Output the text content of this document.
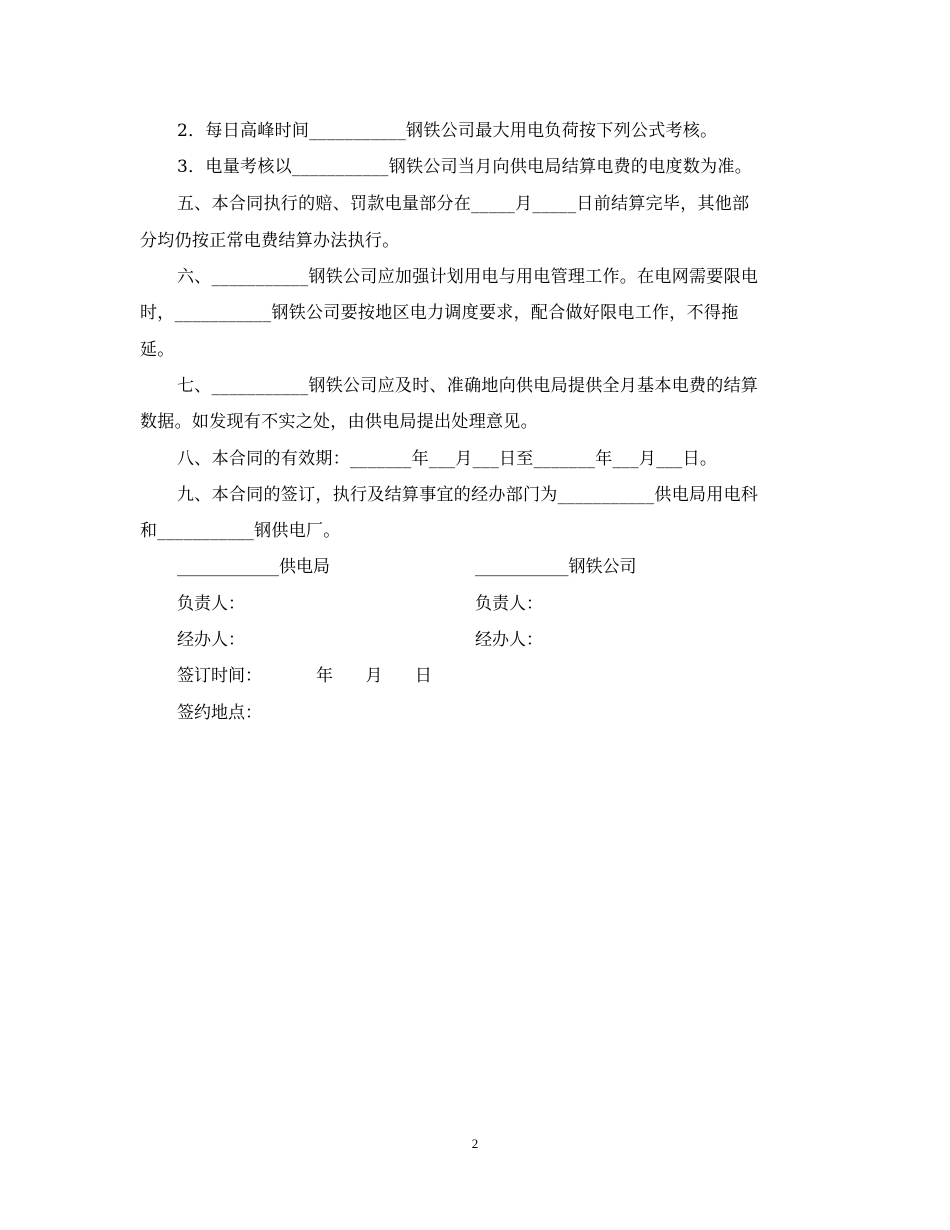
2．每日高峰时间___________钢铁公司最大用电负荷按下列公式考核。
3．电量考核以___________钢铁公司当月向供电局结算电费的电度数为准。
五、本合同执行的赔、罚款电量部分在_____月_____日前结算完毕，其他部
分均仍按正常电费结算办法执行。
六、___________钢铁公司应加强计划用电与用电管理工作。在电网需要限电
时，___________钢铁公司要按地区电力调度要求，配合做好限电工作，不得拖
延。
七、___________钢铁公司应及时、准确地向供电局提供全月基本电费的结算
数据。如发现有不实之处，由供电局提出处理意见。
八、本合同的有效期：_______年___月___日至_______年___月___日。
九、本合同的签订，执行及结算事宜的经办部门为___________供电局用电科
和___________钢供电厂。
____________供电局	___________钢铁公司
负责人：	负责人：
经办人：	经办人：
签订时间：          年      月      日
签约地点：
2
